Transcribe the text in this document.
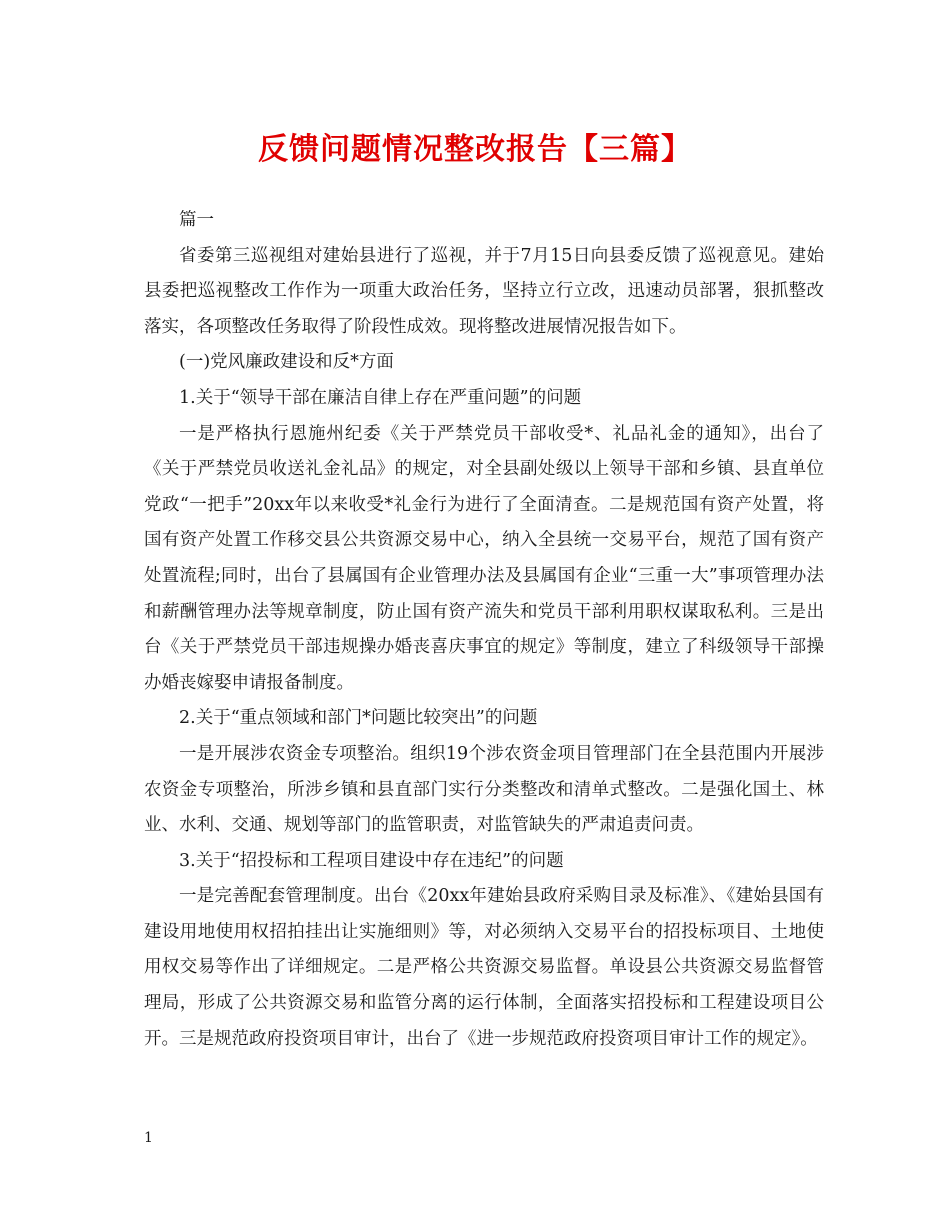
反馈问题情况整改报告【三篇】

篇一

省委第三巡视组对建始县进行了巡视，并于7月15日向县委反馈了巡视意见。建始县委把巡视整改工作作为一项重大政治任务，坚持立行立改，迅速动员部署，狠抓整改落实，各项整改任务取得了阶段性成效。现将整改进展情况报告如下。

(一)党风廉政建设和反*方面

1.关于“领导干部在廉洁自律上存在严重问题”的问题

一是严格执行恩施州纪委《关于严禁党员干部收受*、礼品礼金的通知》，出台了《关于严禁党员收送礼金礼品》的规定，对全县副处级以上领导干部和乡镇、县直单位党政“一把手”20xx年以来收受*礼金行为进行了全面清查。二是规范国有资产处置，将国有资产处置工作移交县公共资源交易中心，纳入全县统一交易平台，规范了国有资产处置流程;同时，出台了县属国有企业管理办法及县属国有企业“三重一大”事项管理办法和薪酬管理办法等规章制度，防止国有资产流失和党员干部利用职权谋取私利。三是出台《关于严禁党员干部违规操办婚丧喜庆事宜的规定》等制度，建立了科级领导干部操办婚丧嫁娶申请报备制度。

2.关于“重点领域和部门*问题比较突出”的问题

一是开展涉农资金专项整治。组织19个涉农资金项目管理部门在全县范围内开展涉农资金专项整治，所涉乡镇和县直部门实行分类整改和清单式整改。二是强化国土、林业、水利、交通、规划等部门的监管职责，对监管缺失的严肃追责问责。

3.关于“招投标和工程项目建设中存在违纪”的问题

一是完善配套管理制度。出台《20xx年建始县政府采购目录及标准》、《建始县国有建设用地使用权招拍挂出让实施细则》等，对必须纳入交易平台的招投标项目、土地使用权交易等作出了详细规定。二是严格公共资源交易监督。单设县公共资源交易监督管理局，形成了公共资源交易和监管分离的运行体制，全面落实招投标和工程建设项目公开。三是规范政府投资项目审计，出台了《进一步规范政府投资项目审计工作的规定》。

1
